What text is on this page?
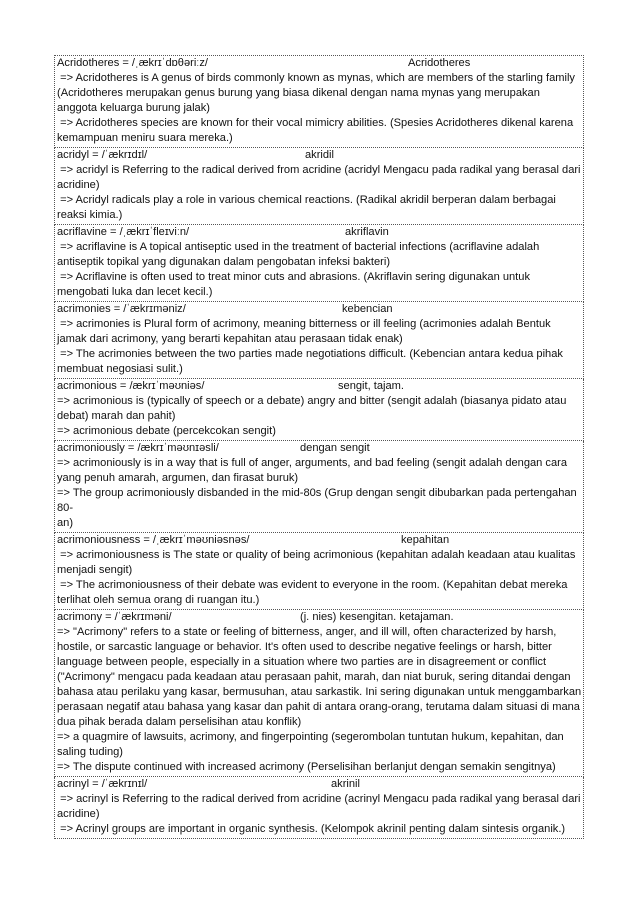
Acridotheres = /ˌækrɪˈdɒθəriːz/	Acridotheres
=> Acridotheres is A genus of birds commonly known as mynas, which are members of the starling family (Acridotheres merupakan genus burung yang biasa dikenal dengan nama mynas yang merupakan anggota keluarga burung jalak)
=> Acridotheres species are known for their vocal mimicry abilities. (Spesies Acridotheres dikenal karena kemampuan meniru suara mereka.)
acridyl = /ˈækrɪdɪl/	akridil
=> acridyl is Referring to the radical derived from acridine (acridyl Mengacu pada radikal yang berasal dari acridine)
=> Acridyl radicals play a role in various chemical reactions. (Radikal akridil berperan dalam berbagai reaksi kimia.)
acriflavine = /ˌækrɪˈfleɪviːn/	akriflavin
=> acriflavine is A topical antiseptic used in the treatment of bacterial infections (acriflavine adalah antiseptik topikal yang digunakan dalam pengobatan infeksi bakteri)
=> Acriflavine is often used to treat minor cuts and abrasions. (Akriflavin sering digunakan untuk mengobati luka dan lecet kecil.)
acrimonies = /ˈækrɪməniz/	kebencian
=> acrimonies is Plural form of acrimony, meaning bitterness or ill feeling (acrimonies adalah Bentuk jamak dari acrimony, yang berarti kepahitan atau perasaan tidak enak)
=> The acrimonies between the two parties made negotiations difficult. (Kebencian antara kedua pihak membuat negosiasi sulit.)
acrimonious = /ækrɪˈməʊniəs/	sengit, tajam.
=> acrimonious is (typically of speech or a debate) angry and bitter (sengit adalah (biasanya pidato atau debat) marah dan pahit)
=> acrimonious debate (percekcokan sengit)
acrimoniously = /ækrɪˈməʊnɪəsli/	dengan sengit
=> acrimoniously is in a way that is full of anger, arguments, and bad feeling (sengit adalah dengan cara yang penuh amarah, argumen, dan firasat buruk)
=> The group acrimoniously disbanded in the mid-80s (Grup dengan sengit dibubarkan pada pertengahan 80-
an)
acrimoniousness = /ˌækrɪˈməʊniəsnəs/	kepahitan
=> acrimoniousness is The state or quality of being acrimonious (kepahitan adalah keadaan atau kualitas menjadi sengit)
=> The acrimoniousness of their debate was evident to everyone in the room. (Kepahitan debat mereka terlihat oleh semua orang di ruangan itu.)
acrimony = /ˈækrɪməni/	(j. nies) kesengitan. ketajaman.
=> "Acrimony" refers to a state or feeling of bitterness, anger, and ill will, often characterized by harsh, hostile, or sarcastic language or behavior. It's often used to describe negative feelings or harsh, bitter language between people, especially in a situation where two parties are in disagreement or conflict ("Acrimony" mengacu pada keadaan atau perasaan pahit, marah, dan niat buruk, sering ditandai dengan bahasa atau perilaku yang kasar, bermusuhan, atau sarkastik. Ini sering digunakan untuk menggambarkan perasaan negatif atau bahasa yang kasar dan pahit di antara orang-orang, terutama dalam situasi di mana dua pihak berada dalam perselisihan atau konflik)
=> a quagmire of lawsuits, acrimony, and fingerpointing (segerombolan tuntutan hukum, kepahitan, dan saling tuding)
=> The dispute continued with increased acrimony (Perselisihan berlanjut dengan semakin sengitnya)
acrinyl = /ˈækrɪnɪl/	akrinil
=> acrinyl is Referring to the radical derived from acridine (acrinyl Mengacu pada radikal yang berasal dari acridine)
=> Acrinyl groups are important in organic synthesis. (Kelompok akrinil penting dalam sintesis organik.)
